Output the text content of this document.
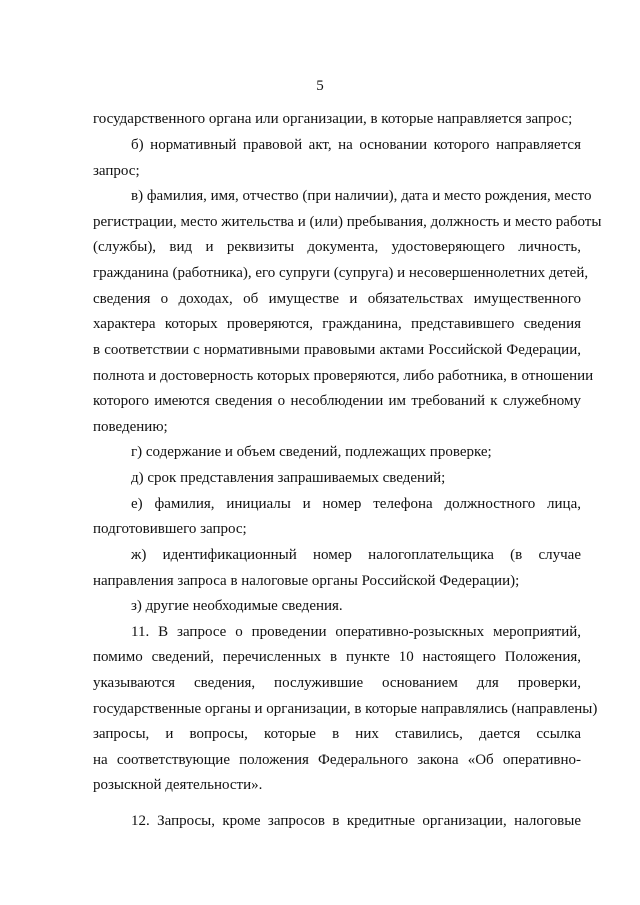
5
государственного органа или организации, в которые направляется запрос;
б) нормативный правовой акт, на основании которого направляется
запрос;
в) фамилия, имя, отчество (при наличии), дата и место рождения, место
регистрации, место жительства и (или) пребывания, должность и место работы
(службы), вид и реквизиты документа, удостоверяющего личность,
гражданина (работника), его супруги (супруга) и несовершеннолетних детей,
сведения о доходах, об имуществе и обязательствах имущественного
характера которых проверяются, гражданина, представившего сведения
в соответствии с нормативными правовыми актами Российской Федерации,
полнота и достоверность которых проверяются, либо работника, в отношении
которого имеются сведения о несоблюдении им требований к служебному
поведению;
г) содержание и объем сведений, подлежащих проверке;
д) срок представления запрашиваемых сведений;
е) фамилия, инициалы и номер телефона должностного лица,
подготовившего запрос;
ж) идентификационный номер налогоплательщика (в случае
направления запроса в налоговые органы Российской Федерации);
з) другие необходимые сведения.
11. В запросе о проведении оперативно-розыскных мероприятий,
помимо сведений, перечисленных в пункте 10 настоящего Положения,
указываются сведения, послужившие основанием для проверки,
государственные органы и организации, в которые направлялись (направлены)
запросы, и вопросы, которые в них ставились, дается ссылка
на соответствующие положения Федерального закона «Об оперативно-
розыскной деятельности».
12. Запросы, кроме запросов в кредитные организации, налоговые
